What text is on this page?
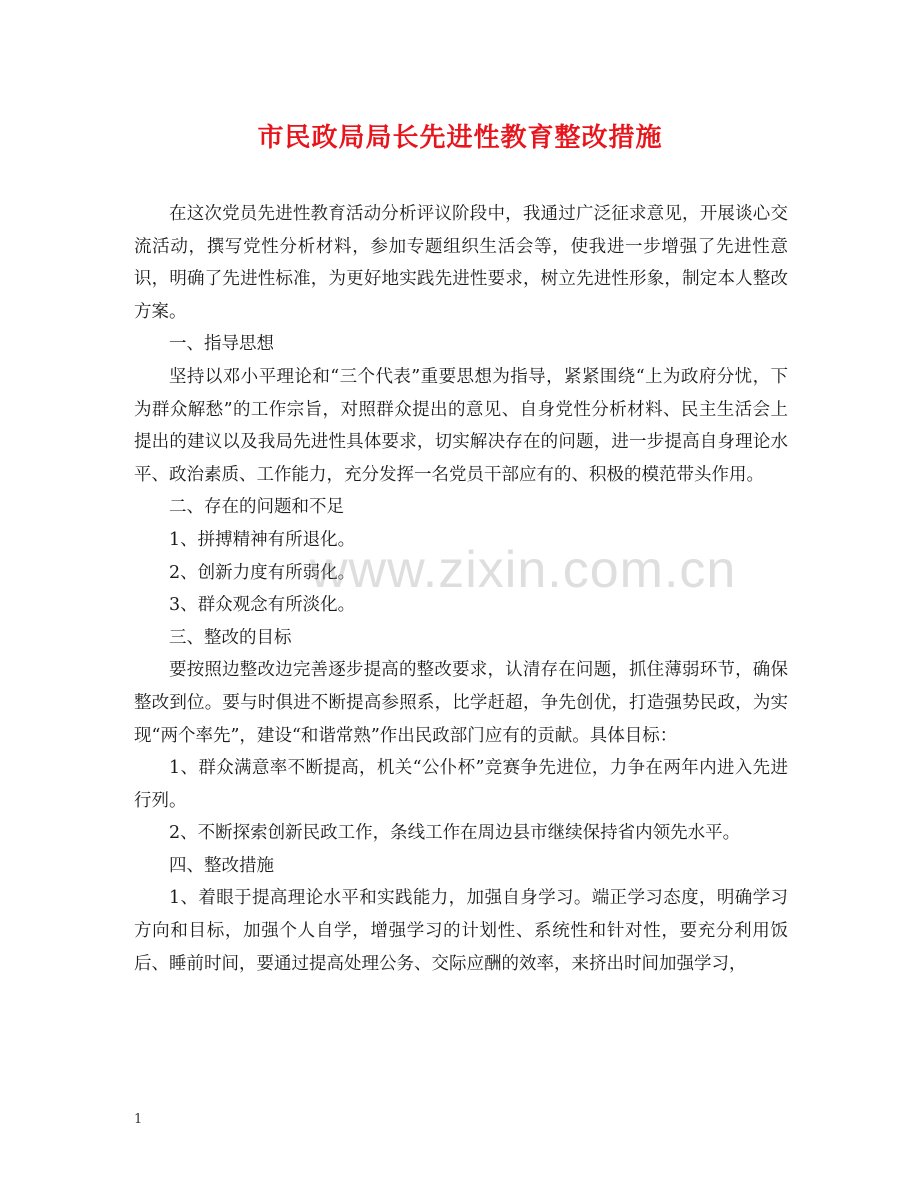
市民政局局长先进性教育整改措施

在这次党员先进性教育活动分析评议阶段中，我通过广泛征求意见，开展谈心交流活动，撰写党性分析材料，参加专题组织生活会等，使我进一步增强了先进性意识，明确了先进性标准，为更好地实践先进性要求，树立先进性形象，制定本人整改方案。

一、指导思想

坚持以邓小平理论和“三个代表”重要思想为指导，紧紧围绕“上为政府分忧，下为群众解愁”的工作宗旨，对照群众提出的意见、自身党性分析材料、民主生活会上提出的建议以及我局先进性具体要求，切实解决存在的问题，进一步提高自身理论水平、政治素质、工作能力，充分发挥一名党员干部应有的、积极的模范带头作用。

二、存在的问题和不足

1、拼搏精神有所退化。

2、创新力度有所弱化。

3、群众观念有所淡化。

三、整改的目标

要按照边整改边完善逐步提高的整改要求，认清存在问题，抓住薄弱环节，确保整改到位。要与时俱进不断提高参照系，比学赶超，争先创优，打造强势民政，为实现“两个率先”，建设“和谐常熟”作出民政部门应有的贡献。具体目标：

1、群众满意率不断提高，机关“公仆杯”竞赛争先进位，力争在两年内进入先进行列。

2、不断探索创新民政工作，条线工作在周边县市继续保持省内领先水平。

四、整改措施

1、着眼于提高理论水平和实践能力，加强自身学习。端正学习态度，明确学习方向和目标，加强个人自学，增强学习的计划性、系统性和针对性，要充分利用饭后、睡前时间，要通过提高处理公务、交际应酬的效率，来挤出时间加强学习，

www.zixin.com.cn
1
